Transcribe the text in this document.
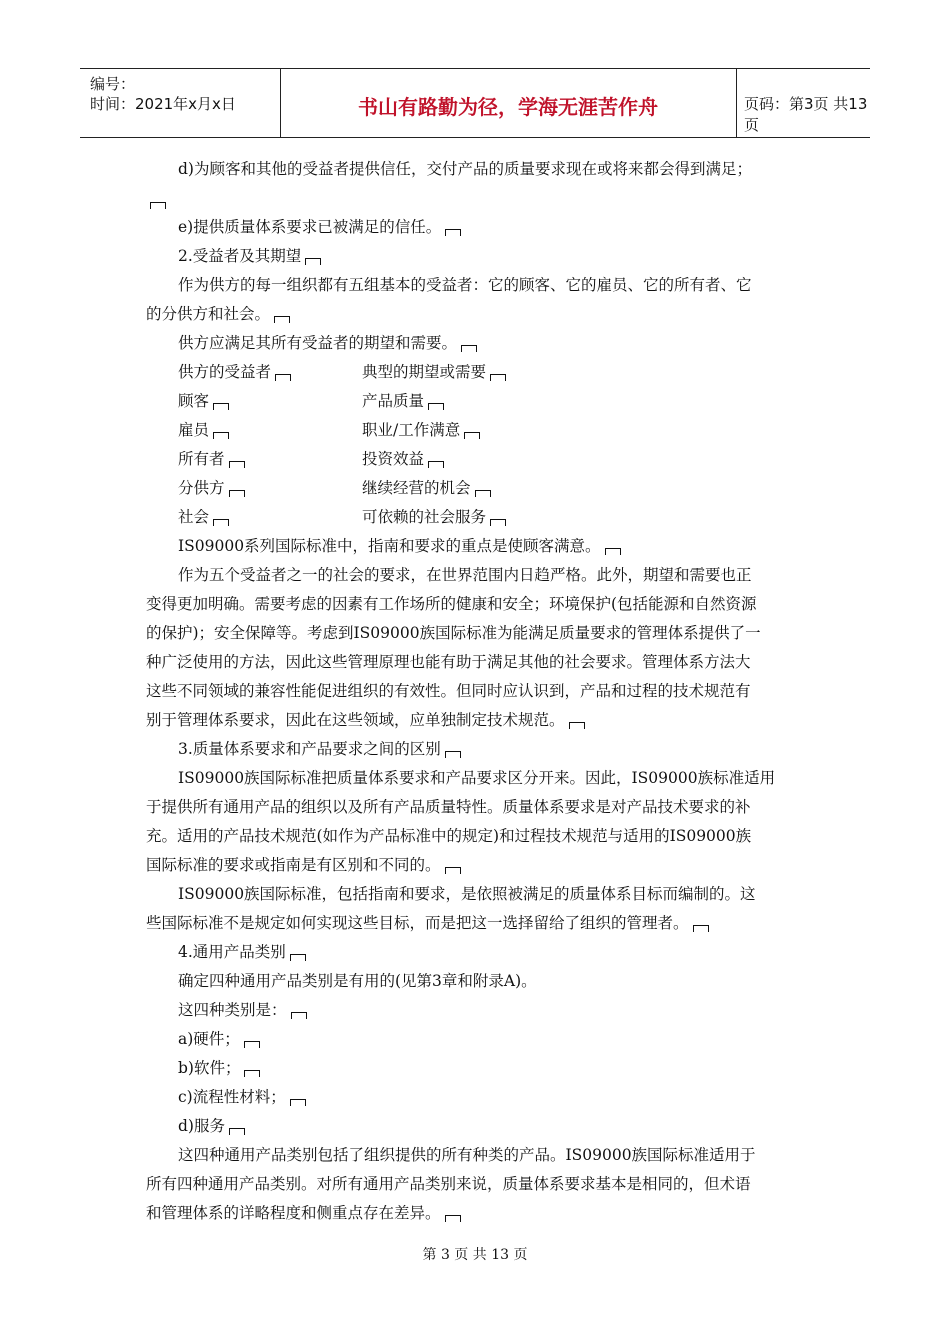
编号：
时间：2021年x月x日	书山有路勤为径，学海无涯苦作舟	页码：第3页 共13页
d)为顾客和其他的受益者提供信任，交付产品的质量要求现在或将来都会得到满足；
e)提供质量体系要求已被满足的信任。
2.受益者及其期望
作为供方的每一组织都有五组基本的受益者：它的顾客、它的雇员、它的所有者、它
的分供方和社会。
供方应满足其所有受益者的期望和需要。
供方的受益者	典型的期望或需要
顾客	产品质量
雇员	职业/工作满意
所有者	投资效益
分供方	继续经营的机会
社会	可依赖的社会服务
IS09000系列国际标准中，指南和要求的重点是使顾客满意。
作为五个受益者之一的社会的要求，在世界范围内日趋严格。此外，期望和需要也正
变得更加明确。需要考虑的因素有工作场所的健康和安全；环境保护(包括能源和自然资源
的保护)；安全保障等。考虑到IS09000族国际标准为能满足质量要求的管理体系提供了一
种广泛使用的方法，因此这些管理原理也能有助于满足其他的社会要求。管理体系方法大
这些不同领域的兼容性能促进组织的有效性。但同时应认识到，产品和过程的技术规范有
别于管理体系要求，因此在这些领域，应单独制定技术规范。
3.质量体系要求和产品要求之间的区别
IS09000族国际标准把质量体系要求和产品要求区分开来。因此，IS09000族标准适用
于提供所有通用产品的组织以及所有产品质量特性。质量体系要求是对产品技术要求的补
充。适用的产品技术规范(如作为产品标准中的规定)和过程技术规范与适用的IS09000族
国际标准的要求或指南是有区别和不同的。
IS09000族国际标准，包括指南和要求，是依照被满足的质量体系目标而编制的。这
些国际标准不是规定如何实现这些目标，而是把这一选择留给了组织的管理者。
4.通用产品类别
确定四种通用产品类别是有用的(见第3章和附录A)。
这四种类别是：
a)硬件；
b)软件；
c)流程性材料；
d)服务
这四种通用产品类别包括了组织提供的所有种类的产品。IS09000族国际标准适用于
所有四种通用产品类别。对所有通用产品类别来说，质量体系要求基本是相同的，但术语
和管理体系的详略程度和侧重点存在差异。
第 3 页 共 13 页
